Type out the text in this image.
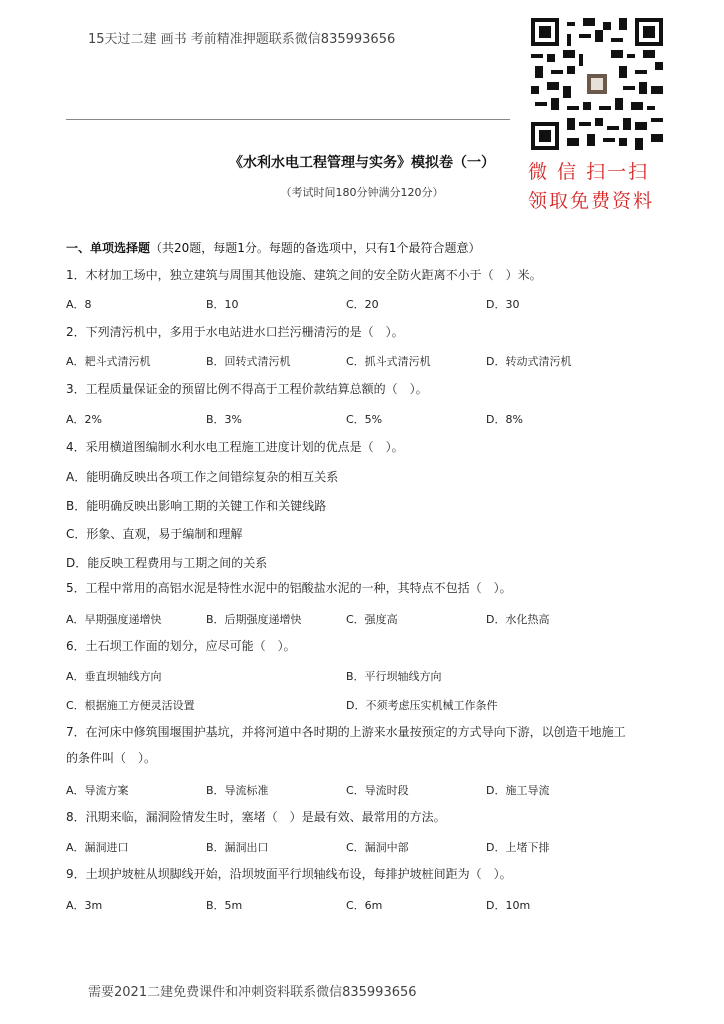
15天过二建 画书 考前精准押题联系微信835993656
微 信 扫一扫
领取免费资料
《水利水电工程管理与实务》模拟卷（一）
（考试时间180分钟满分120分）
一、单项选择题（共20题，每题1分。每题的备选项中，只有1个最符合题意）
1．木材加工场中，独立建筑与周围其他设施、建筑之间的安全防火距离不小于（　）米。
A．8	B．10	C．20	D．30
2．下列清污机中，多用于水电站进水口拦污栅清污的是（　）。
A．耙斗式清污机	B．回转式清污机	C．抓斗式清污机	D．转动式清污机
3．工程质量保证金的预留比例不得高于工程价款结算总额的（　）。
A．2%	B．3%	C．5%	D．8%
4．采用横道图编制水利水电工程施工进度计划的优点是（　）。
A．能明确反映出各项工作之间错综复杂的相互关系
B．能明确反映出影响工期的关键工作和关键线路
C．形象、直观，易于编制和理解
D．能反映工程费用与工期之间的关系
5．工程中常用的高铝水泥是特性水泥中的铝酸盐水泥的一种，其特点不包括（　）。
A．早期强度递增快	B．后期强度递增快	C．强度高	D．水化热高
6．土石坝工作面的划分，应尽可能（　）。
A．垂直坝轴线方向	B．平行坝轴线方向
C．根据施工方便灵活设置	D．不须考虑压实机械工作条件
7．在河床中修筑围堰围护基坑，并将河道中各时期的上游来水量按预定的方式导向下游，以创造干地施工
的条件叫（　）。
A．导流方案	B．导流标准	C．导流时段	D．施工导流
8．汛期来临，漏洞险情发生时，塞堵（　）是最有效、最常用的方法。
A．漏洞进口	B．漏洞出口	C．漏洞中部	D．上堵下排
9．土坝护坡桩从坝脚线开始，沿坝坡面平行坝轴线布设，每排护坡桩间距为（　）。
A．3m	B．5m	C．6m	D．10m
需要2021二建免费课件和冲刺资料联系微信835993656
